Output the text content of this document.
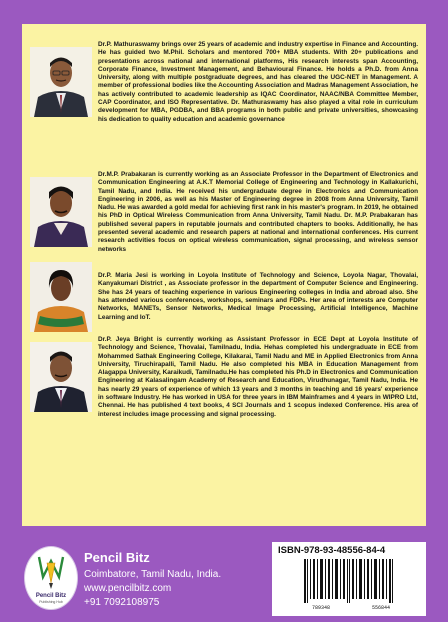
Dr.P. Mathuraswamy brings over 25 years of academic and industry expertise in Finance and Accounting. He has guided two M.Phil. Scholars and mentored 700+ MBA students. With 20+ publications and presentations across national and international platforms, His research interests span Accounting, Corporate Finance, Investment Management, and Behavioural Finance. He holds a Ph.D. from Anna University, along with multiple postgraduate degrees, and has cleared the UGC-NET in Management. A member of professional bodies like the Accounting Association and Madras Management Association, he has actively contributed to academic leadership as IQAC Coordinator, NAAC/NBA Committee Member, CAP Coordinator, and ISO Representative. Dr. Mathuraswamy has also played a vital role in curriculum development for MBA, PGDBA, and BBA programs in both public and private universities, showcasing his dedication to quality education and academic governance

Dr.M.P. Prabakaran is currently working as an Associate Professor in the Department of Electronics and Communication Engineering at A.K.T Memorial College of Engineering and Technology in Kallakurichi, Tamil Nadu, and India. He received his undergraduate degree in Electronics and Communication Engineering in 2006, as well as his Master of Engineering degree in 2008 from Anna University, Tamil Nadu. He was awarded a gold medal for achieving first rank in his master's program. In 2019, he obtained his PhD in Optical Wireless Communication from Anna University, Tamil Nadu. Dr. M.P. Prabakaran has published several papers in reputable journals and contributed chapters to books. Additionally, he has presented several academic and research papers at national and international conferences. His current research activities focus on optical wireless communication, signal processing, and wireless sensor networks

Dr.P. Maria Jesi is working in Loyola Institute of Technology and Science, Loyola Nagar, Thovalai, Kanyakumari District , as Associate professor in the department of Computer Science and Engineering. She has 24 years of teaching experience in various Engineering colleges in India and abroad also. She has attended various conferences, workshops, seminars and FDPs. Her area of interests are Computer Networks, MANETs, Sensor Networks, Medical Image Processing, Artificial Intelligence, Machine Learning and IoT.

Dr.P. Jeya Bright is currently working as Assistant Professor in ECE Dept at Loyola Institute of Technology and Science, Thovalai, Tamilnadu, India. Hehas completed his undergraduate in ECE from Mohammed Sathak Engineering College, Kilakarai, Tamil Nadu and ME in Applied Electronics from Anna University, Tiruchirapalli, Tamil Nadu. He also completed his MBA in Education Management from Alagappa University, Karaikudi, Tamilnadu.He has completed his Ph.D in Electronics and Communication Engineering at Kalasalingam Academy of Research and Education, Virudhunagar, Tamil Nadu, India. He has nearly 29 years of experience of which 13 years and 3 months in teaching and 16 years' experience in software Industry. He has worked in USA for three years in IBM Mainframes and 4 years in WIPRO Ltd, Chennai. He has published 4 text books, 4 SCI Journals and 1 scopus indexed Conference. His area of interest includes image processing and signal processing.

Pencil Bitz
Publishing Hub

Pencil Bitz

Coimbatore, Tamil Nadu, India.

www.pencilbitz.com

+91 7092108975

ISBN-978-93-48556-84-4

789348	556844
